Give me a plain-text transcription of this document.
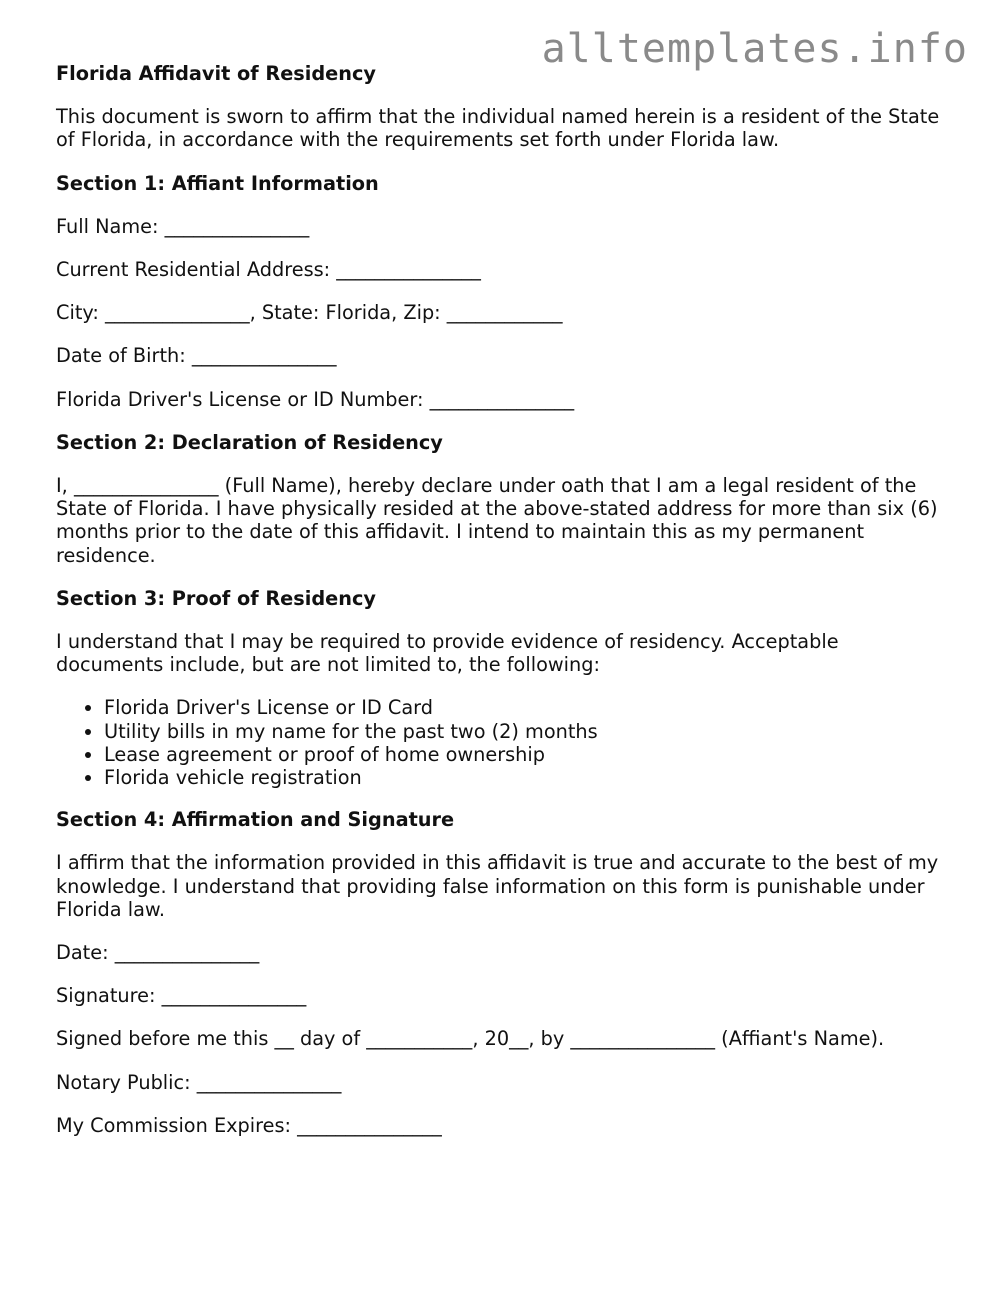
alltemplates.info

Florida Affidavit of Residency

This document is sworn to affirm that the individual named herein is a resident of the State of Florida, in accordance with the requirements set forth under Florida law.

Section 1: Affiant Information

Full Name: _______________

Current Residential Address: _______________

City: _______________, State: Florida, Zip: ____________

Date of Birth: _______________

Florida Driver's License or ID Number: _______________

Section 2: Declaration of Residency

I, _______________ (Full Name), hereby declare under oath that I am a legal resident of the State of Florida. I have physically resided at the above-stated address for more than six (6) months prior to the date of this affidavit. I intend to maintain this as my permanent residence.

Section 3: Proof of Residency

I understand that I may be required to provide evidence of residency. Acceptable documents include, but are not limited to, the following:

• Florida Driver's License or ID Card
• Utility bills in my name for the past two (2) months
• Lease agreement or proof of home ownership
• Florida vehicle registration

Section 4: Affirmation and Signature

I affirm that the information provided in this affidavit is true and accurate to the best of my knowledge. I understand that providing false information on this form is punishable under Florida law.

Date: _______________

Signature: _______________

Signed before me this __ day of ___________, 20__, by _______________ (Affiant's Name).

Notary Public: _______________

My Commission Expires: _______________
